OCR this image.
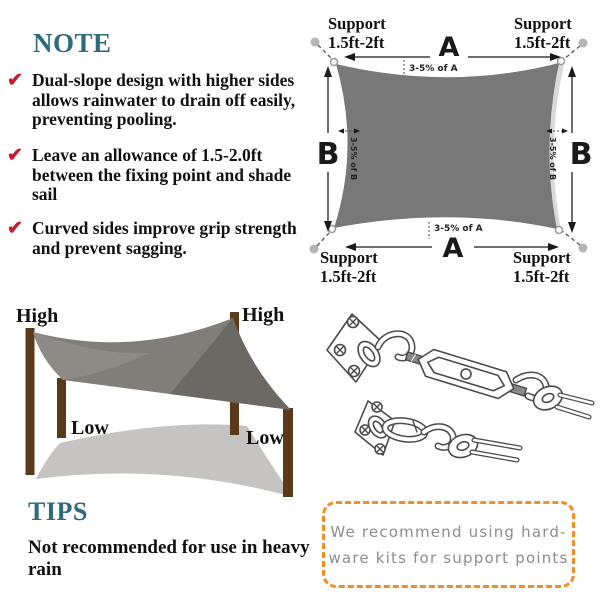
NOTE
✔ Dual-slope design with higher sides allows rainwater to drain off easily, preventing pooling.
✔ Leave an allowance of 1.5-2.0ft between the fixing point and shade sail
✔ Curved sides improve grip strength and prevent sagging.
A
3-5% of A
A
3-5% of A
B 3-5% of B	B
3-5% of B
Support
1.5ft-2ft
Support
1.5ft-2ft
Support
1.5ft-2ft
Support
1.5ft-2ft
High	High
Low	Low
TIPS
Not recommended for use in heavy rain
We recommend using hard-
ware kits for support points
